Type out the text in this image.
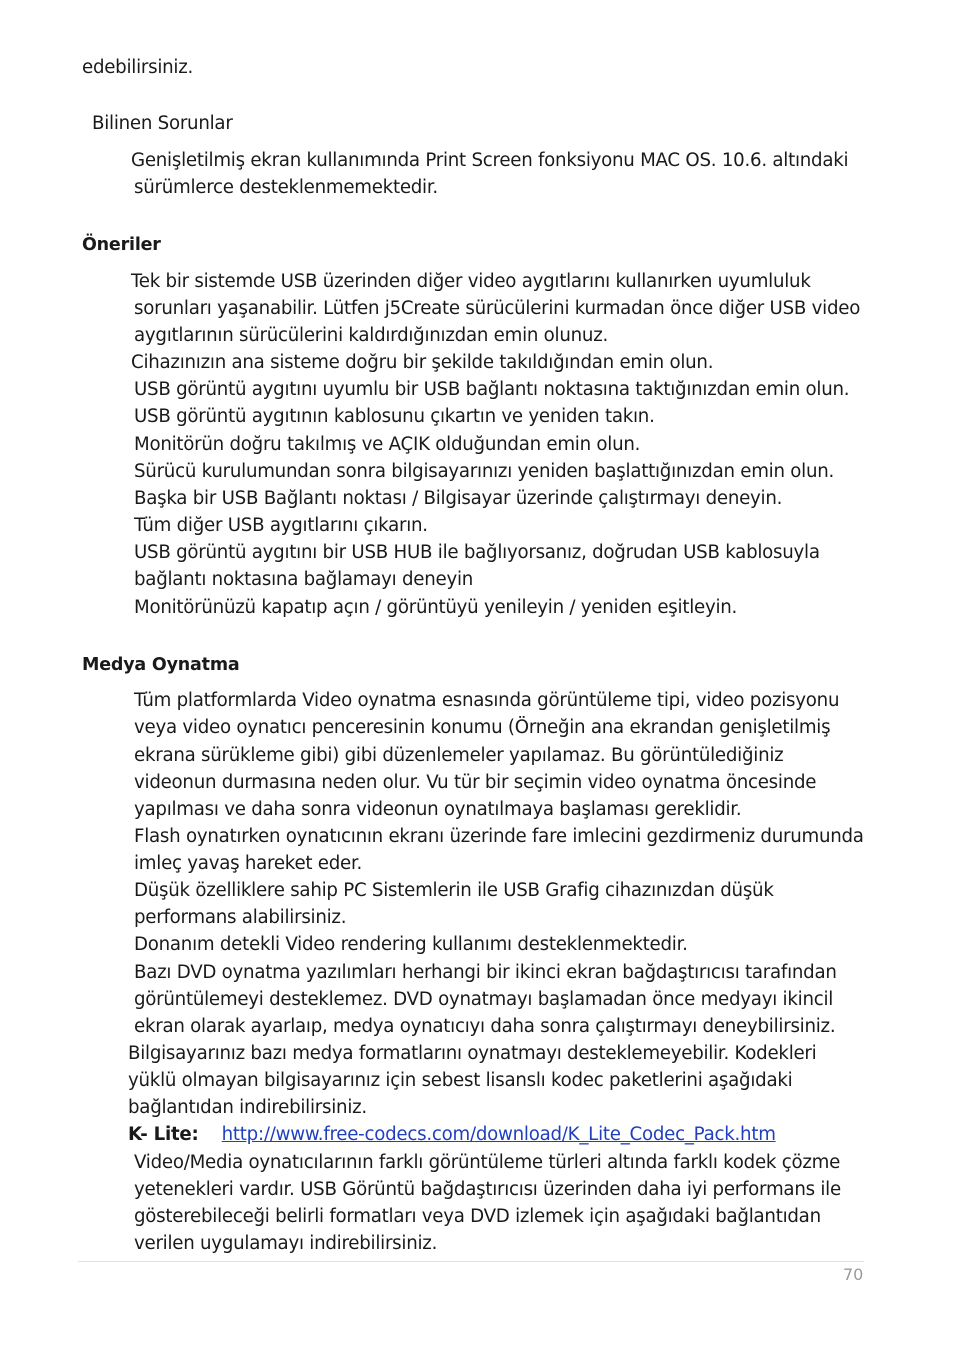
edebilirsiniz.
Bilinen Sorunlar
Genişletilmiş ekran kullanımında Print Screen fonksiyonu MAC OS. 10.6. altındaki
sürümlerce desteklenmemektedir.
Öneriler
Tek bir sistemde USB üzerinden diğer video aygıtlarını kullanırken uyumluluk
sorunları yaşanabilir. Lütfen j5Create sürücülerini kurmadan önce diğer USB video
aygıtlarının sürücülerini kaldırdığınızdan emin olunuz.
Cihazınızın ana sisteme doğru bir şekilde takıldığından emin olun.
USB görüntü aygıtını uyumlu bir USB bağlantı noktasına taktığınızdan emin olun.
USB görüntü aygıtının kablosunu çıkartın ve yeniden takın.
Monitörün doğru takılmış ve AÇIK olduğundan emin olun.
Sürücü kurulumundan sonra bilgisayarınızı yeniden başlattığınızdan emin olun.
Başka bir USB Bağlantı noktası / Bilgisayar üzerinde çalıştırmayı deneyin.
Tüm diğer USB aygıtlarını çıkarın.
USB görüntü aygıtını bir USB HUB ile bağlıyorsanız, doğrudan USB kablosuyla
bağlantı noktasına bağlamayı deneyin
Monitörünüzü kapatıp açın / görüntüyü yenileyin / yeniden eşitleyin.
Medya Oynatma
Tüm platformlarda Video oynatma esnasında görüntüleme tipi, video pozisyonu
veya video oynatıcı penceresinin konumu (Örneğin ana ekrandan genişletilmiş
ekrana sürükleme gibi) gibi düzenlemeler yapılamaz. Bu görüntülediğiniz
videonun durmasına neden olur. Vu tür bir seçimin video oynatma öncesinde
yapılması ve daha sonra videonun oynatılmaya başlaması gereklidir.
Flash oynatırken oynatıcının ekranı üzerinde fare imlecini gezdirmeniz durumunda
imleç yavaş hareket eder.
Düşük özelliklere sahip PC Sistemlerin ile USB Grafig cihazınızdan düşük
performans alabilirsiniz.
Donanım detekli Video rendering kullanımı desteklenmektedir.
Bazı DVD oynatma yazılımları herhangi bir ikinci ekran bağdaştırıcısı tarafından
görüntülemeyi desteklemez. DVD oynatmayı başlamadan önce medyayı ikincil
ekran olarak ayarlaıp, medya oynatıcıyı daha sonra çalıştırmayı deneybilirsiniz.
Bilgisayarınız bazı medya formatlarını oynatmayı desteklemeyebilir. Kodekleri
yüklü olmayan bilgisayarınız için sebest lisanslı kodec paketlerini aşağıdaki
bağlantıdan indirebilirsiniz.
K- Lite: http://www.free-codecs.com/download/K_Lite_Codec_Pack.htm
Video/Media oynatıcılarının farklı görüntüleme türleri altında farklı kodek çözme
yetenekleri vardır. USB Görüntü bağdaştırıcısı üzerinden daha iyi performans ile
gösterebileceği belirli formatları veya DVD izlemek için aşağıdaki bağlantıdan
verilen uygulamayı indirebilirsiniz.
70
